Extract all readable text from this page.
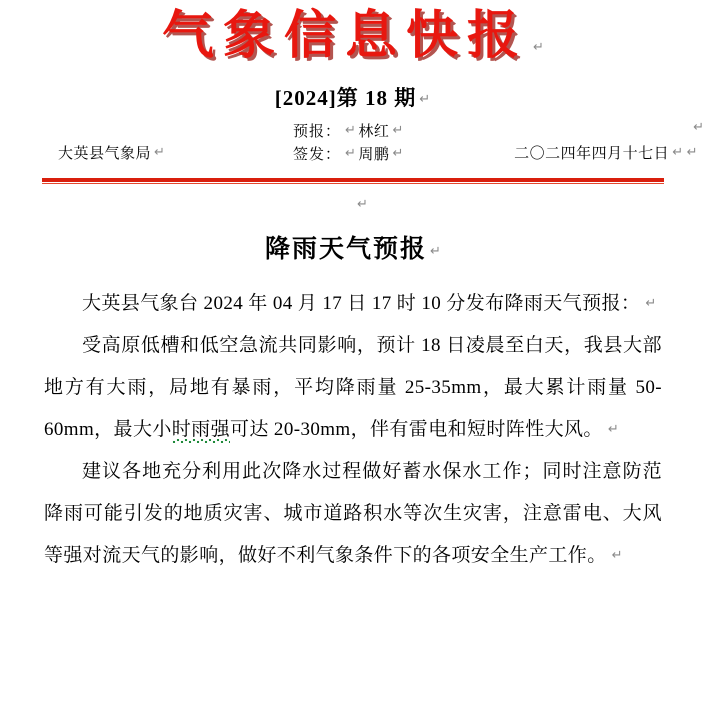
气象信息快报 ↵
[2024]第 18 期 ↵
预报： ↵ 林红 ↵
签发： ↵ 周鹏 ↵
大英县气象局 ↵	二〇二四年四月十七日 ↵ ↵
↵
↵
降雨天气预报 ↵

大英县气象台 2024 年 04 月 17 日 17 时 10 分发布降雨天气预报： ↵

受高原低槽和低空急流共同影响，预计 18 日凌晨至白天，我县大部地方有大雨，局地有暴雨，平均降雨量 25-35mm，最大累计雨量 50-60mm，最大小时雨强可达 20-30mm，伴有雷电和短时阵性大风。 ↵

建议各地充分利用此次降水过程做好蓄水保水工作；同时注意防范降雨可能引发的地质灾害、城市道路积水等次生灾害，注意雷电、大风等强对流天气的影响，做好不利气象条件下的各项安全生产工作。 ↵
